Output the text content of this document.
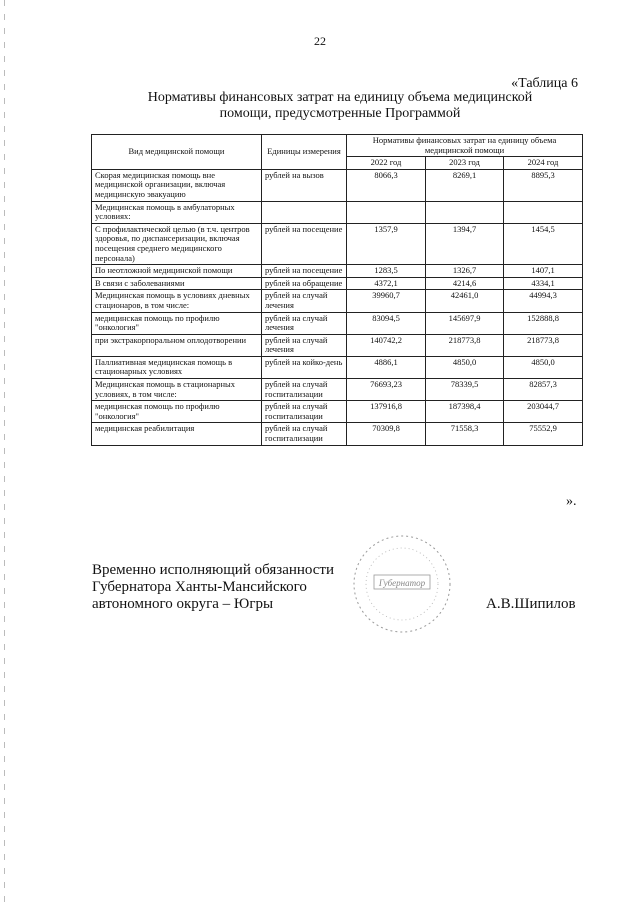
22
«Таблица 6
Нормативы финансовых затрат на единицу объема медицинской
помощи, предусмотренные Программой
Вид медицинской помощи	Единицы измерения	Нормативы финансовых затрат на единицу объема медицинской помощи		
		2022 год	2023 год	2024 год
Скорая медицинская помощь вне медицинской организации, включая медицинскую эвакуацию	рублей на вызов	8066,3	8269,1	8895,3
Медицинская помощь в амбулаторных условиях:				
С профилактической целью (в т.ч. центров здоровья, по диспансеризации, включая посещения среднего медицинского персонала)	рублей на посещение	1357,9	1394,7	1454,5
По неотложной медицинской помощи	рублей на посещение	1283,5	1326,7	1407,1
В связи с заболеваниями	рублей на обращение	4372,1	4214,6	4334,1
Медицинская помощь в условиях дневных стационаров, в том числе:	рублей на случай лечения	39960,7	42461,0	44994,3
медицинская помощь по профилю "онкология"	рублей на случай лечения	83094,5	145697,9	152888,8
при экстракорпоральном оплодотворении	рублей на случай лечения	140742,2	218773,8	218773,8
Паллиативная медицинская помощь в стационарных условиях	рублей на койко-день	4886,1	4850,0	4850,0
Медицинская помощь в стационарных условиях, в том числе:	рублей на случай госпитализации	76693,23	78339,5	82857,3
медицинская помощь по профилю "онкология"	рублей на случай госпитализации	137916,8	187398,4	203044,7
медицинская реабилитация	рублей на случай госпитализации	70309,8	71558,3	75552,9
».
Губернатор
Временно исполняющий обязанности
Губернатора Ханты-Мансийского
автономного округа – Югры	А.В.Шипилов
